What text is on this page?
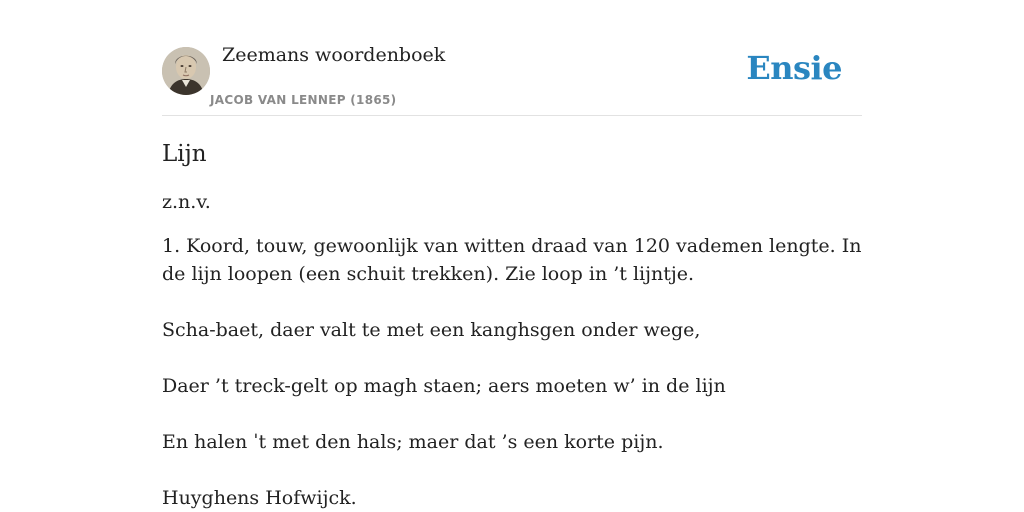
Zeemans woordenboek
JACOB VAN LENNEP (1865)
Ensie
Lijn
z.n.v.

1. Koord, touw, gewoonlijk van witten draad van 120 vademen lengte. In de lijn loopen (een schuit trekken). Zie loop in ’t lijntje.

Scha-baet, daer valt te met een kanghsgen onder wege,

Daer ’t treck-gelt op magh staen; aers moeten w’ in de lijn

En halen ˈt met den hals; maer dat ’s een korte pijn.

Huyghens Hofwijck.
